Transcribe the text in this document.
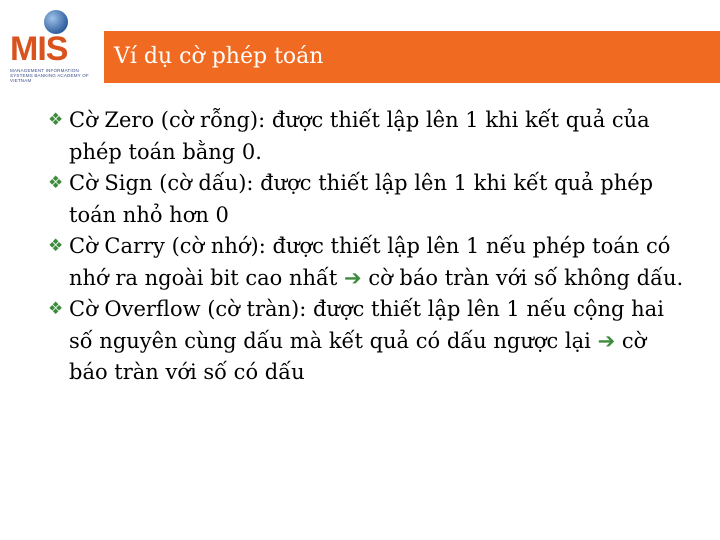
MIS
MANAGEMENT INFORMATION SYSTEMS BANKING ACADEMY OF VIETNAM
Ví dụ cờ phép toán
❖ Cờ Zero (cờ rỗng): được thiết lập lên 1 khi kết quả của phép toán bằng 0.
❖ Cờ Sign (cờ dấu): được thiết lập lên 1 khi kết quả phép toán nhỏ hơn 0
❖ Cờ Carry (cờ nhớ): được thiết lập lên 1 nếu phép toán có nhớ ra ngoài bit cao nhất ➔ cờ báo tràn với số không dấu.
❖ Cờ Overflow (cờ tràn): được thiết lập lên 1 nếu cộng hai số nguyên cùng dấu mà kết quả có dấu ngược lại ➔ cờ báo tràn với số có dấu
